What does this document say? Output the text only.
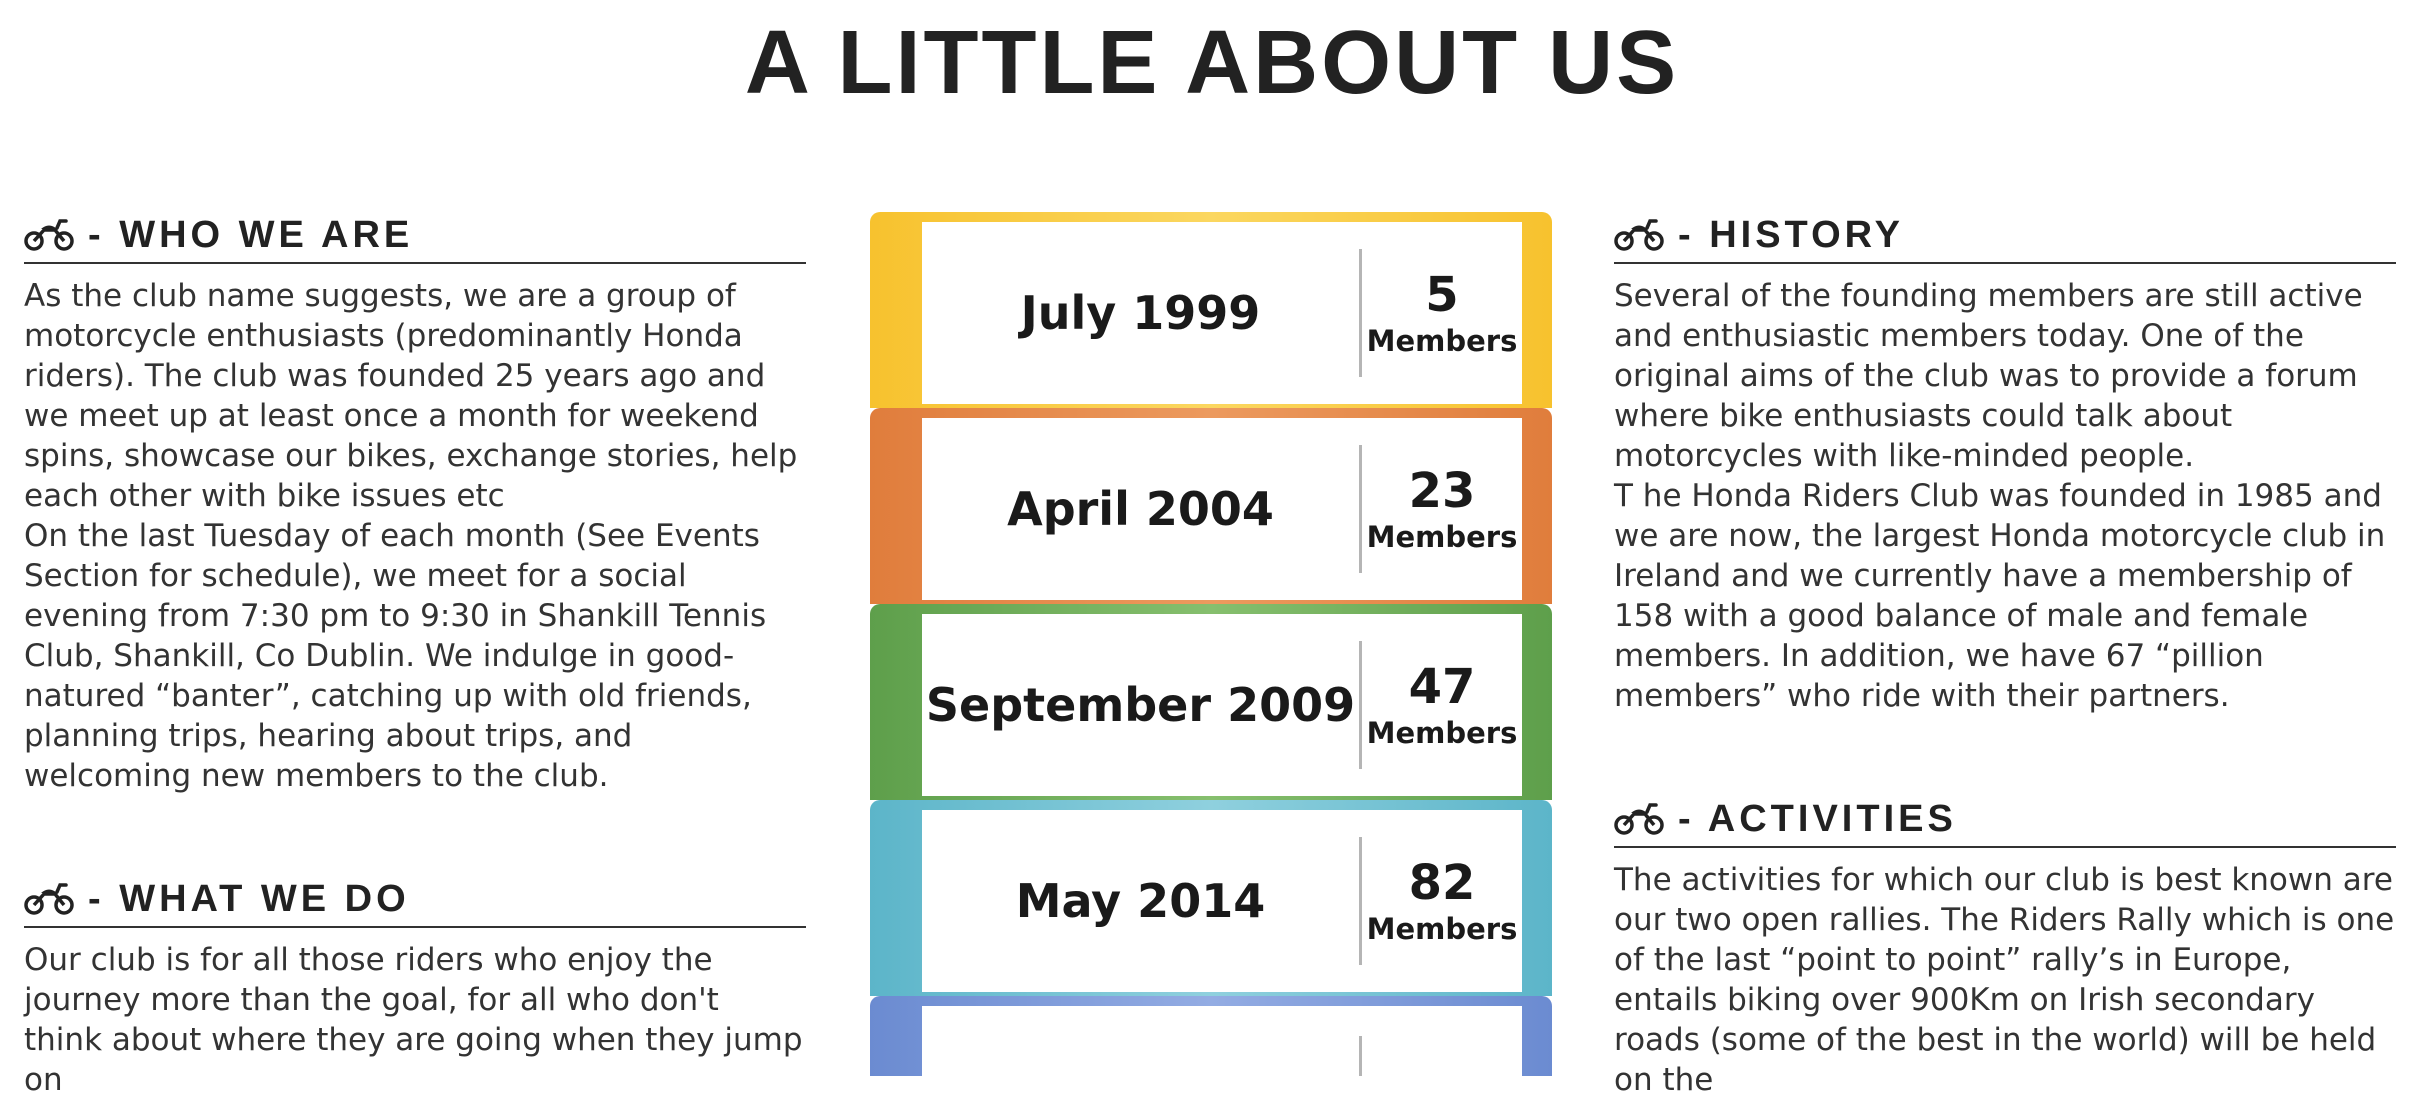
A LITTLE ABOUT US
- WHO WE ARE

As the club name suggests, we are a group of motorcycle enthusiasts (predominantly Honda riders). The club was founded 25 years ago and we meet up at least once a month for weekend spins, showcase our bikes, exchange stories, help each other with bike issues etc

On the last Tuesday of each month (See Events Section for schedule), we meet for a social evening from 7:30 pm to 9:30 in Shankill Tennis Club, Shankill, Co Dublin. We indulge in good-natured “banter”, catching up with old friends, planning trips, hearing about trips, and welcoming new members to the club.

- WHAT WE DO

Our club is for all those riders who enjoy the journey more than the goal, for all who don't think about where they are going when they jump on

July 1999	5
Members
April 2004	23
Members
September 2009	47
Members
May 2014	82
Members
- HISTORY

Several of the founding members are still active and enthusiastic members today. One of the original aims of the club was to provide a forum where bike enthusiasts could talk about motorcycles with like-minded people.

T he Honda Riders Club was founded in 1985 and we are now, the largest Honda motorcycle club in Ireland and we currently have a membership of 158 with a good balance of male and female members. In addition, we have 67 “pillion members” who ride with their partners.

- ACTIVITIES

The activities for which our club is best known are our two open rallies. The Riders Rally which is one of the last “point to point” rally’s in Europe, entails biking over 900Km on Irish secondary roads (some of the best in the world) will be held on the
